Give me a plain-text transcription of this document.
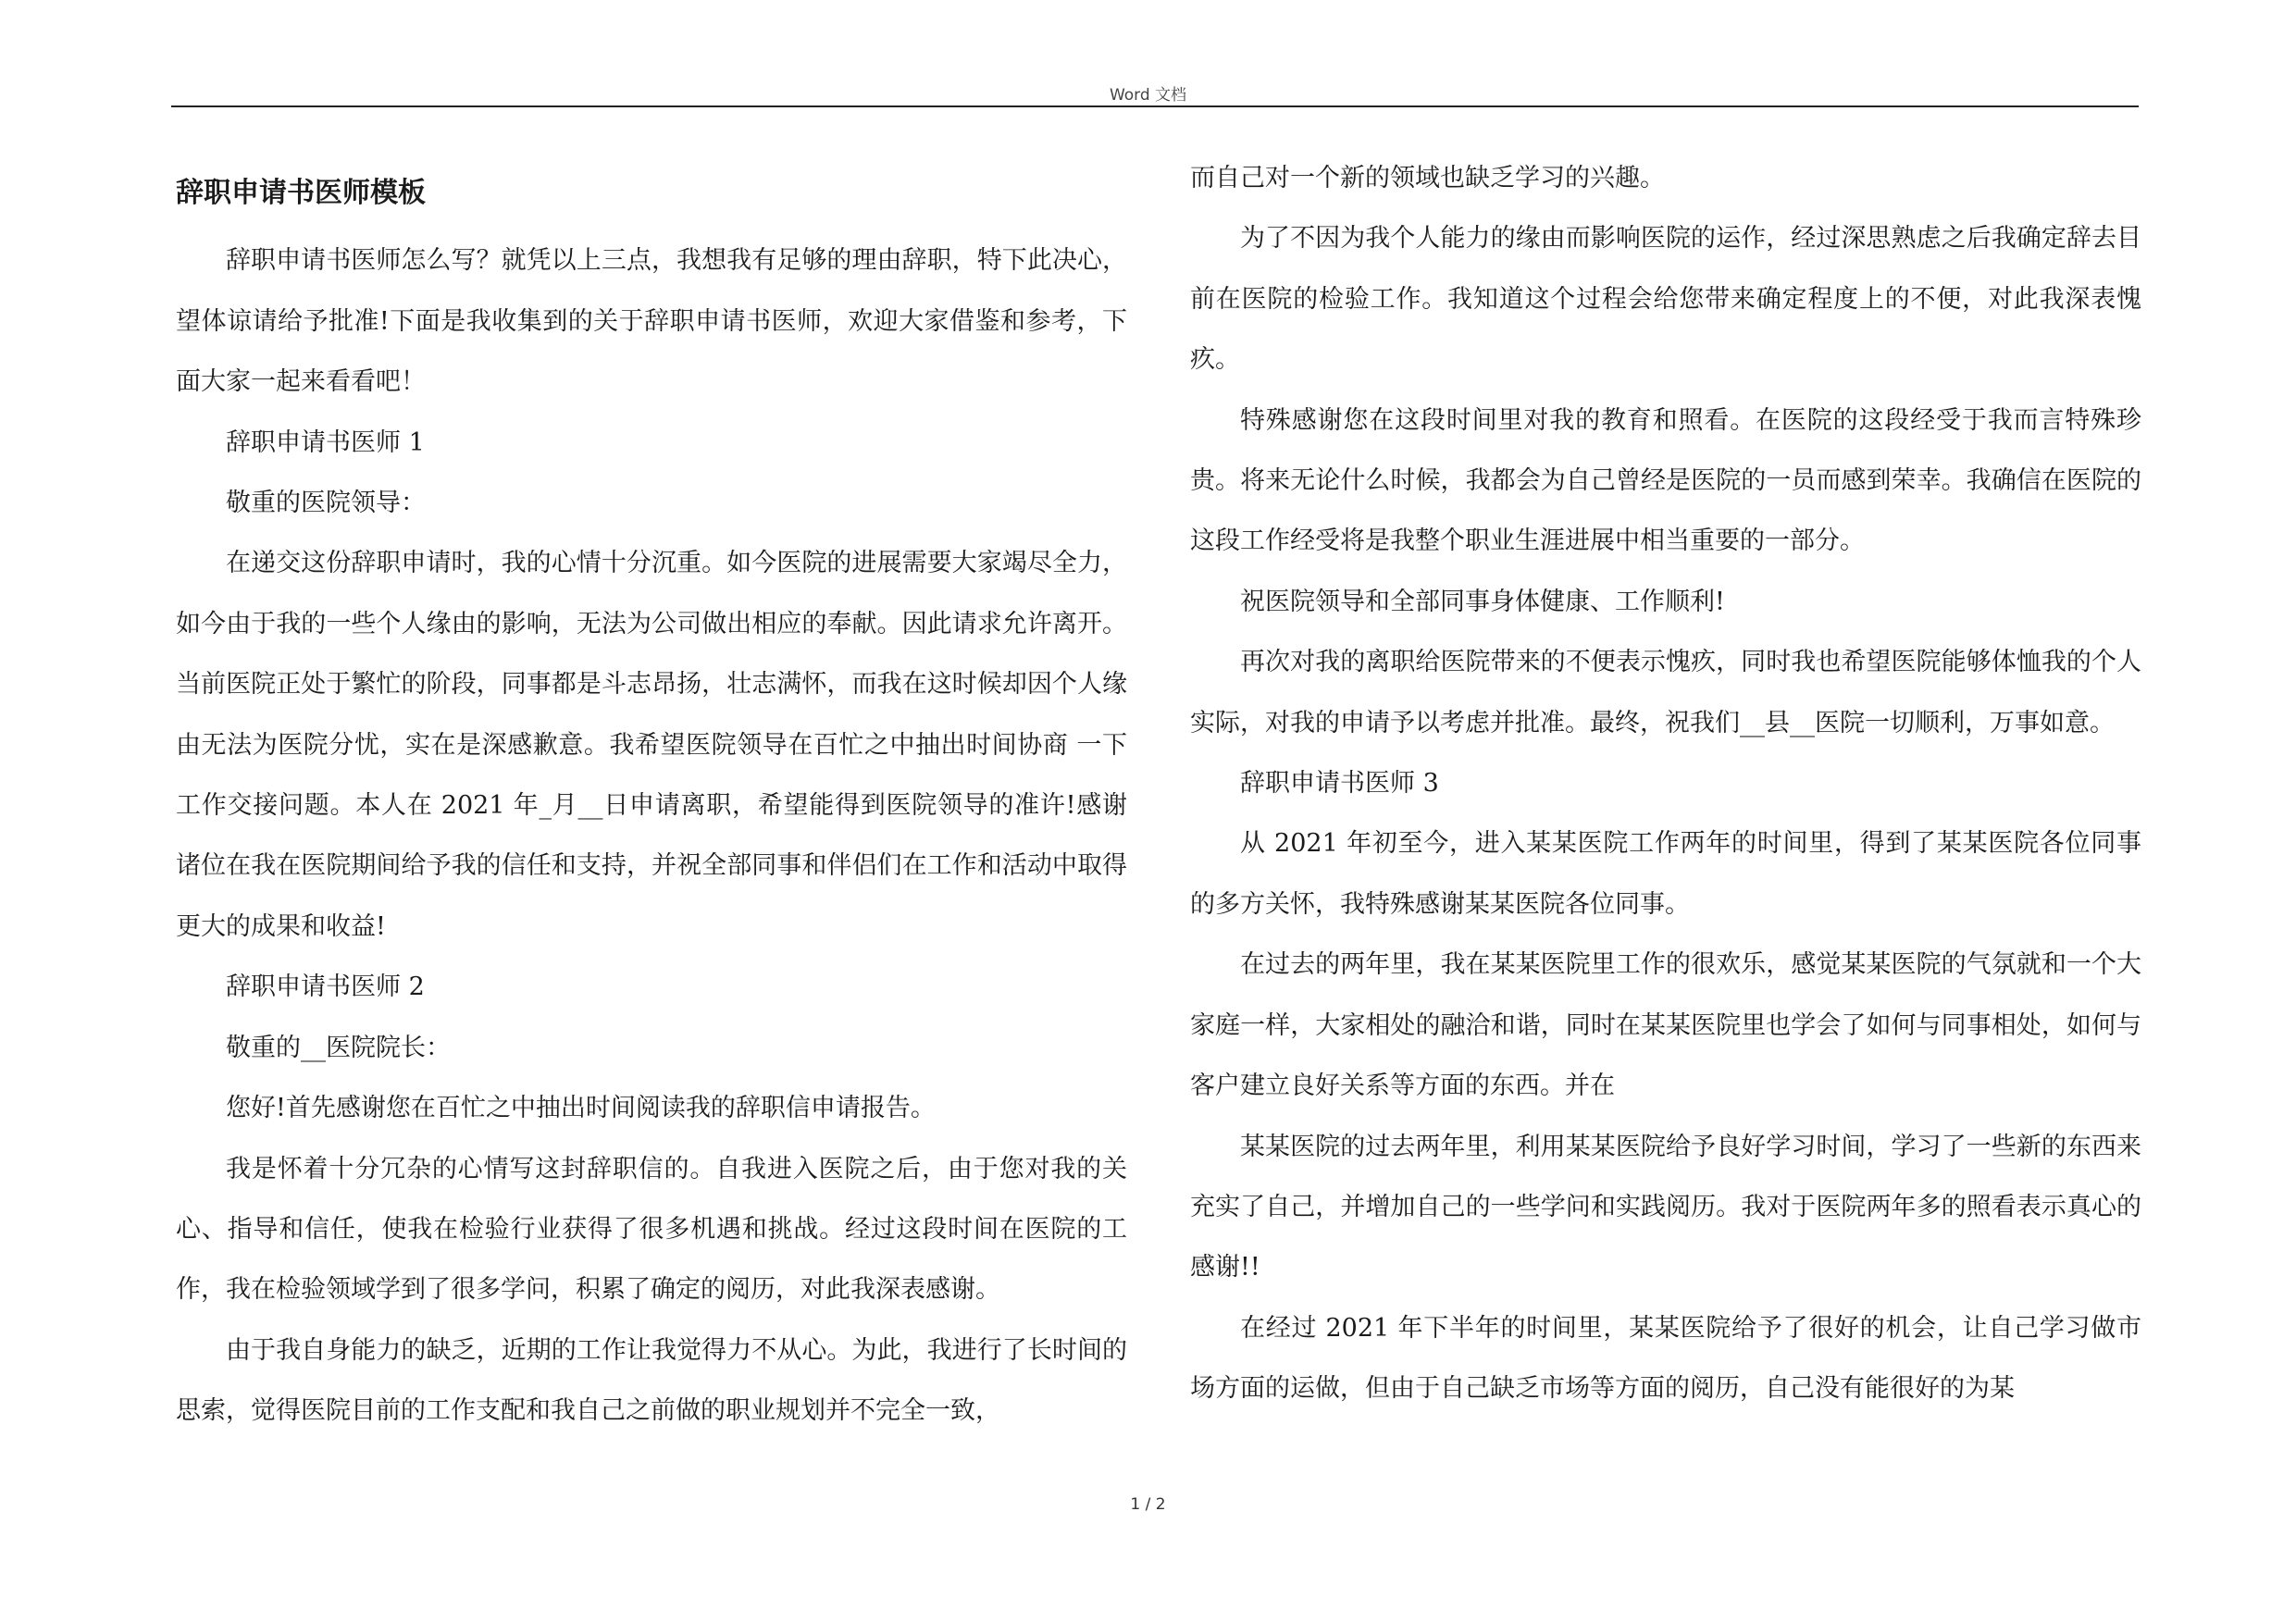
Word 文档
辞职申请书医师模板

辞职申请书医师怎么写？就凭以上三点，我想我有足够的理由辞职，特下此决心，望体谅请给予批准!下面是我收集到的关于辞职申请书医师，欢迎大家借鉴和参考，下面大家一起来看看吧！

辞职申请书医师 1

敬重的医院领导：

在递交这份辞职申请时，我的心情十分沉重。如今医院的进展需要大家竭尽全力，如今由于我的一些个人缘由的影响，无法为公司做出相应的奉献。因此请求允许离开。当前医院正处于繁忙的阶段，同事都是斗志昂扬，壮志满怀，而我在这时候却因个人缘由无法为医院分忧，实在是深感歉意。我希望医院领导在百忙之中抽出时间协商 一下工作交接问题。本人在 2021 年_月__日申请离职，希望能得到医院领导的准许!感谢诸位在我在医院期间给予我的信任和支持，并祝全部同事和伴侣们在工作和活动中取得更大的成果和收益!

辞职申请书医师 2

敬重的__医院院长：

您好!首先感谢您在百忙之中抽出时间阅读我的辞职信申请报告。

我是怀着十分冗杂的心情写这封辞职信的。自我进入医院之后，由于您对我的关心、指导和信任，使我在检验行业获得了很多机遇和挑战。经过这段时间在医院的工作，我在检验领域学到了很多学问，积累了确定的阅历，对此我深表感谢。

由于我自身能力的缺乏，近期的工作让我觉得力不从心。为此，我进行了长时间的思索，觉得医院目前的工作支配和我自己之前做的职业规划并不完全一致，

而自己对一个新的领域也缺乏学习的兴趣。

为了不因为我个人能力的缘由而影响医院的运作，经过深思熟虑之后我确定辞去目前在医院的检验工作。我知道这个过程会给您带来确定程度上的不便，对此我深表愧疚。

特殊感谢您在这段时间里对我的教育和照看。在医院的这段经受于我而言特殊珍贵。将来无论什么时候，我都会为自己曾经是医院的一员而感到荣幸。我确信在医院的这段工作经受将是我整个职业生涯进展中相当重要的一部分。

祝医院领导和全部同事身体健康、工作顺利!

再次对我的离职给医院带来的不便表示愧疚，同时我也希望医院能够体恤我的个人实际，对我的申请予以考虑并批准。最终，祝我们__县__医院一切顺利，万事如意。

辞职申请书医师 3

从 2021 年初至今，进入某某医院工作两年的时间里，得到了某某医院各位同事的多方关怀，我特殊感谢某某医院各位同事。

在过去的两年里，我在某某医院里工作的很欢乐，感觉某某医院的气氛就和一个大家庭一样，大家相处的融洽和谐，同时在某某医院里也学会了如何与同事相处，如何与客户建立良好关系等方面的东西。并在

某某医院的过去两年里，利用某某医院给予良好学习时间，学习了一些新的东西来充实了自己，并增加自己的一些学问和实践阅历。我对于医院两年多的照看表示真心的感谢!!

在经过 2021 年下半年的时间里，某某医院给予了很好的机会，让自己学习做市场方面的运做，但由于自己缺乏市场等方面的阅历，自己没有能很好的为某

1 / 2
